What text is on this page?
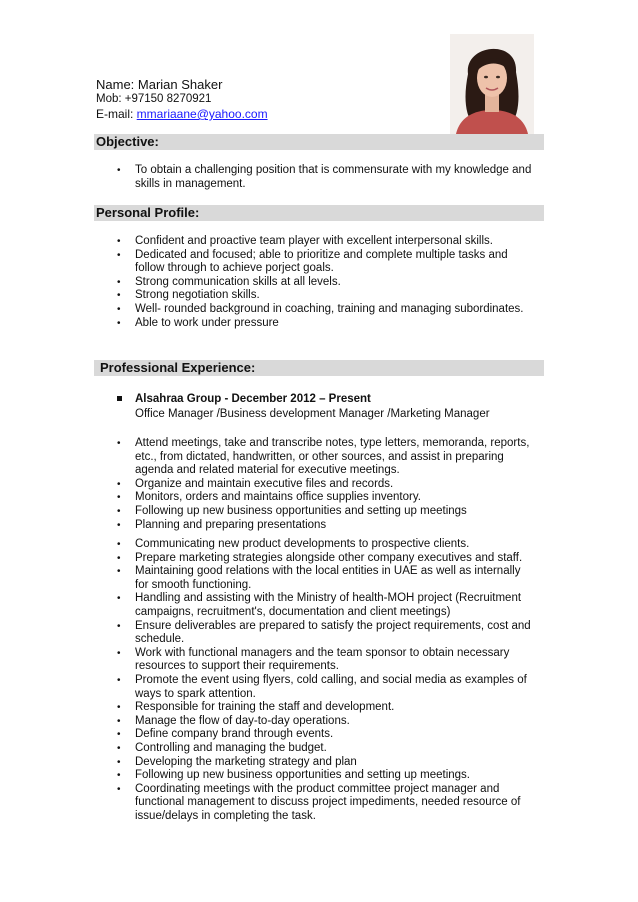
Name: Marian Shaker
Mob: +97150 8270921
E-mail: mmariaane@yahoo.com
Objective:
• To obtain a challenging position that is commensurate with my knowledge and skills in management.
Personal Profile:
• Confident and proactive team player with excellent interpersonal skills.
• Dedicated and focused; able to prioritize and complete multiple tasks and follow through to achieve porject goals.
• Strong communication skills at all levels.
• Strong negotiation skills.
• Well- rounded background in coaching, training and managing subordinates.
• Able to work under pressure
Professional Experience:
Alsahraa Group - December 2012 – Present
Office Manager /Business development Manager /Marketing Manager
• Attend meetings, take and transcribe notes, type letters, memoranda, reports, etc., from dictated, handwritten, or other sources, and assist in preparing agenda and related material for executive meetings.
• Organize and maintain executive files and records.
• Monitors, orders and maintains office supplies inventory.
• Following up new business opportunities and setting up meetings
• Planning and preparing presentations
• Communicating new product developments to prospective clients.
• Prepare marketing strategies alongside other company executives and staff.
• Maintaining good relations with the local entities in UAE as well as internally for smooth functioning.
• Handling and assisting with the Ministry of health-MOH project (Recruitment campaigns, recruitment's, documentation and client meetings)
• Ensure deliverables are prepared to satisfy the project requirements, cost and schedule.
• Work with functional managers and the team sponsor to obtain necessary resources to support their requirements.
• Promote the event using flyers, cold calling, and social media as examples of ways to spark attention.
• Responsible for training the staff and development.
• Manage the flow of day-to-day operations.
• Define company brand through events.
• Controlling and managing the budget.
• Developing the marketing strategy and plan
• Following up new business opportunities and setting up meetings.
• Coordinating meetings with the product committee project manager and functional management to discuss project impediments, needed resource of issue/delays in completing the task.
